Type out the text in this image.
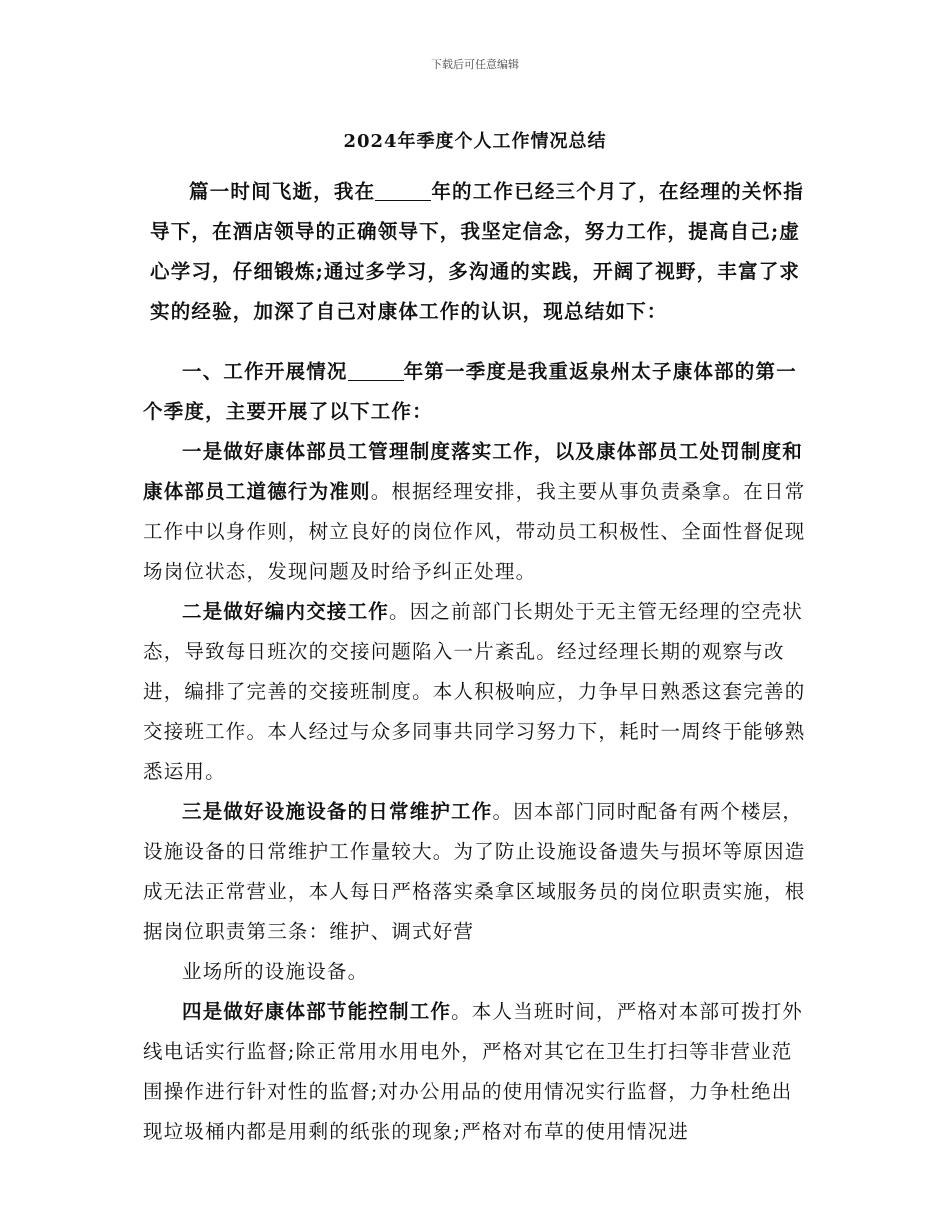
下载后可任意编辑
2024年季度个人工作情况总结
篇一时间飞逝，我在	年的工作已经三个月了，在经理的关怀指导下，在酒店领导的正确领导下，我坚定信念，努力工作，提高自己;虚心学习，仔细锻炼;通过多学习，多沟通的实践，开阔了视野，丰富了求实的经验，加深了自己对康体工作的认识，现总结如下：

一、工作开展情况	年第一季度是我重返泉州太子康体部的第一个季度，主要开展了以下工作：

一是做好康体部员工管理制度落实工作，以及康体部员工处罚制度和康体部员工道德行为准则。根据经理安排，我主要从事负责桑拿。在日常工作中以身作则，树立良好的岗位作风，带动员工积极性、全面性督促现场岗位状态，发现问题及时给予纠正处理。

二是做好编内交接工作。因之前部门长期处于无主管无经理的空壳状态，导致每日班次的交接问题陷入一片紊乱。经过经理长期的观察与改进，编排了完善的交接班制度。本人积极响应，力争早日熟悉这套完善的交接班工作。本人经过与众多同事共同学习努力下，耗时一周终于能够熟悉运用。

三是做好设施设备的日常维护工作。因本部门同时配备有两个楼层，设施设备的日常维护工作量较大。为了防止设施设备遗失与损坏等原因造成无法正常营业，本人每日严格落实桑拿区域服务员的岗位职责实施，根据岗位职责第三条：维护、调式好营

业场所的设施设备。

四是做好康体部节能控制工作。本人当班时间，严格对本部可拨打外线电话实行监督;除正常用水用电外，严格对其它在卫生打扫等非营业范围操作进行针对性的监督;对办公用品的使用情况实行监督，力争杜绝出现垃圾桶内都是用剩的纸张的现象;严格对布草的使用情况进
